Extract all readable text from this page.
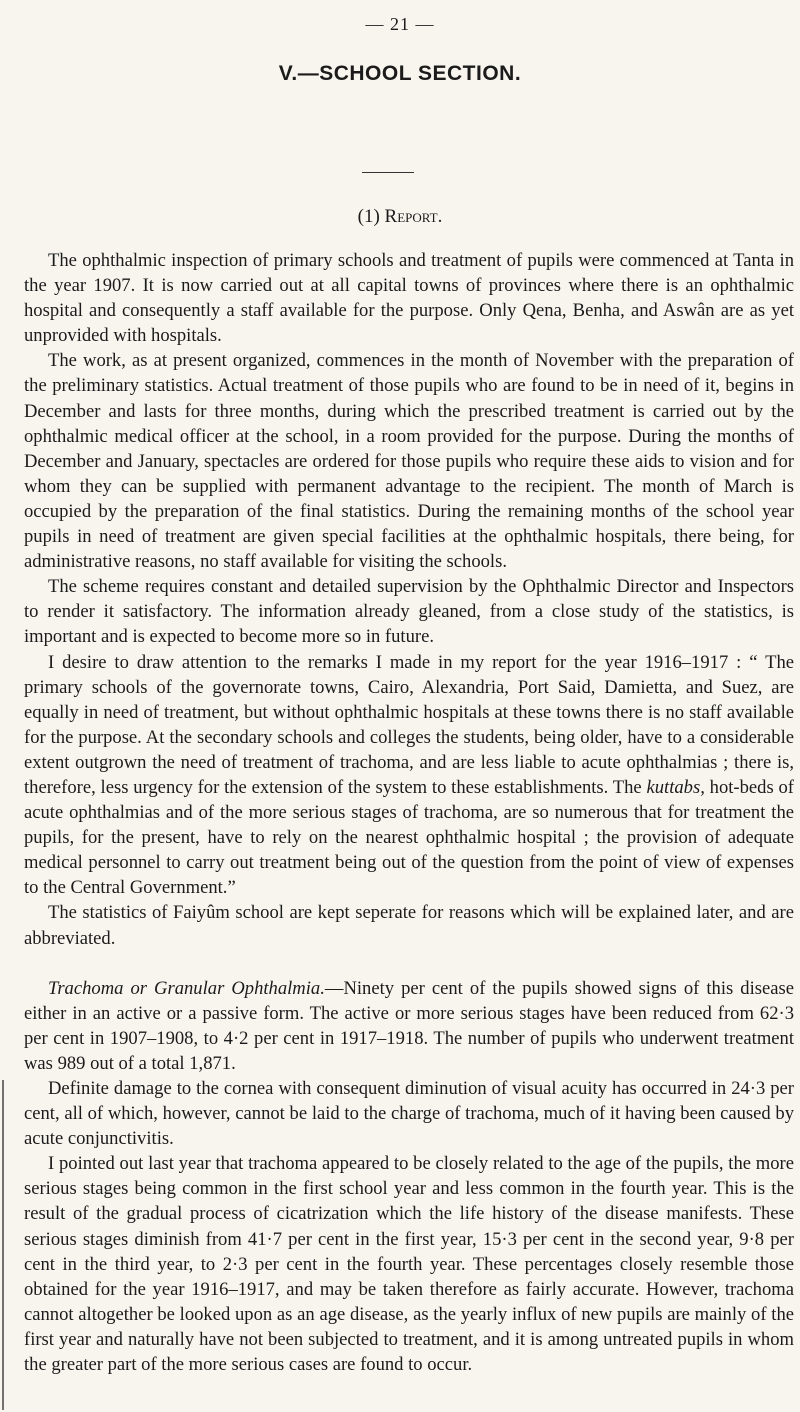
— 21 —
V.—SCHOOL SECTION.
(1) Report.

The ophthalmic inspection of primary schools and treatment of pupils were commenced at Tanta in the year 1907. It is now carried out at all capital towns of provinces where there is an ophthalmic hospital and consequently a staff available for the purpose. Only Qena, Benha, and Aswân are as yet unprovided with hospitals.

The work, as at present organized, commences in the month of November with the preparation of the preliminary statistics. Actual treatment of those pupils who are found to be in need of it, begins in December and lasts for three months, during which the prescribed treatment is carried out by the ophthalmic medical officer at the school, in a room provided for the purpose. During the months of December and January, spectacles are ordered for those pupils who require these aids to vision and for whom they can be supplied with permanent advantage to the recipient. The month of March is occupied by the preparation of the final statistics. During the remaining months of the school year pupils in need of treatment are given special facilities at the ophthalmic hospitals, there being, for administrative reasons, no staff available for visiting the schools.

The scheme requires constant and detailed supervision by the Ophthalmic Director and Inspectors to render it satisfactory. The information already gleaned, from a close study of the statistics, is important and is expected to become more so in future.

I desire to draw attention to the remarks I made in my report for the year 1916–1917 : “ The primary schools of the governorate towns, Cairo, Alexandria, Port Said, Damietta, and Suez, are equally in need of treatment, but without ophthalmic hospitals at these towns there is no staff available for the purpose. At the secondary schools and colleges the students, being older, have to a considerable extent outgrown the need of treatment of trachoma, and are less liable to acute ophthalmias ; there is, therefore, less urgency for the extension of the system to these establishments. The kuttabs, hot-beds of acute ophthalmias and of the more serious stages of trachoma, are so numerous that for treatment the pupils, for the present, have to rely on the nearest ophthalmic hospital ; the provision of adequate medical personnel to carry out treatment being out of the question from the point of view of expenses to the Central Government.”

The statistics of Faiyûm school are kept seperate for reasons which will be explained later, and are abbreviated.

Trachoma or Granular Ophthalmia.—Ninety per cent of the pupils showed signs of this disease either in an active or a passive form. The active or more serious stages have been reduced from 62·3 per cent in 1907–1908, to 4·2 per cent in 1917–1918. The number of pupils who underwent treatment was 989 out of a total 1,871.

Definite damage to the cornea with consequent diminution of visual acuity has occurred in 24·3 per cent, all of which, however, cannot be laid to the charge of trachoma, much of it having been caused by acute conjunctivitis.

I pointed out last year that trachoma appeared to be closely related to the age of the pupils, the more serious stages being common in the first school year and less common in the fourth year. This is the result of the gradual process of cicatrization which the life history of the disease manifests. These serious stages diminish from 41·7 per cent in the first year, 15·3 per cent in the second year, 9·8 per cent in the third year, to 2·3 per cent in the fourth year. These percentages closely resemble those obtained for the year 1916–1917, and may be taken therefore as fairly accurate. However, trachoma cannot altogether be looked upon as an age disease, as the yearly influx of new pupils are mainly of the first year and naturally have not been subjected to treatment, and it is among untreated pupils in whom the greater part of the more serious cases are found to occur.
